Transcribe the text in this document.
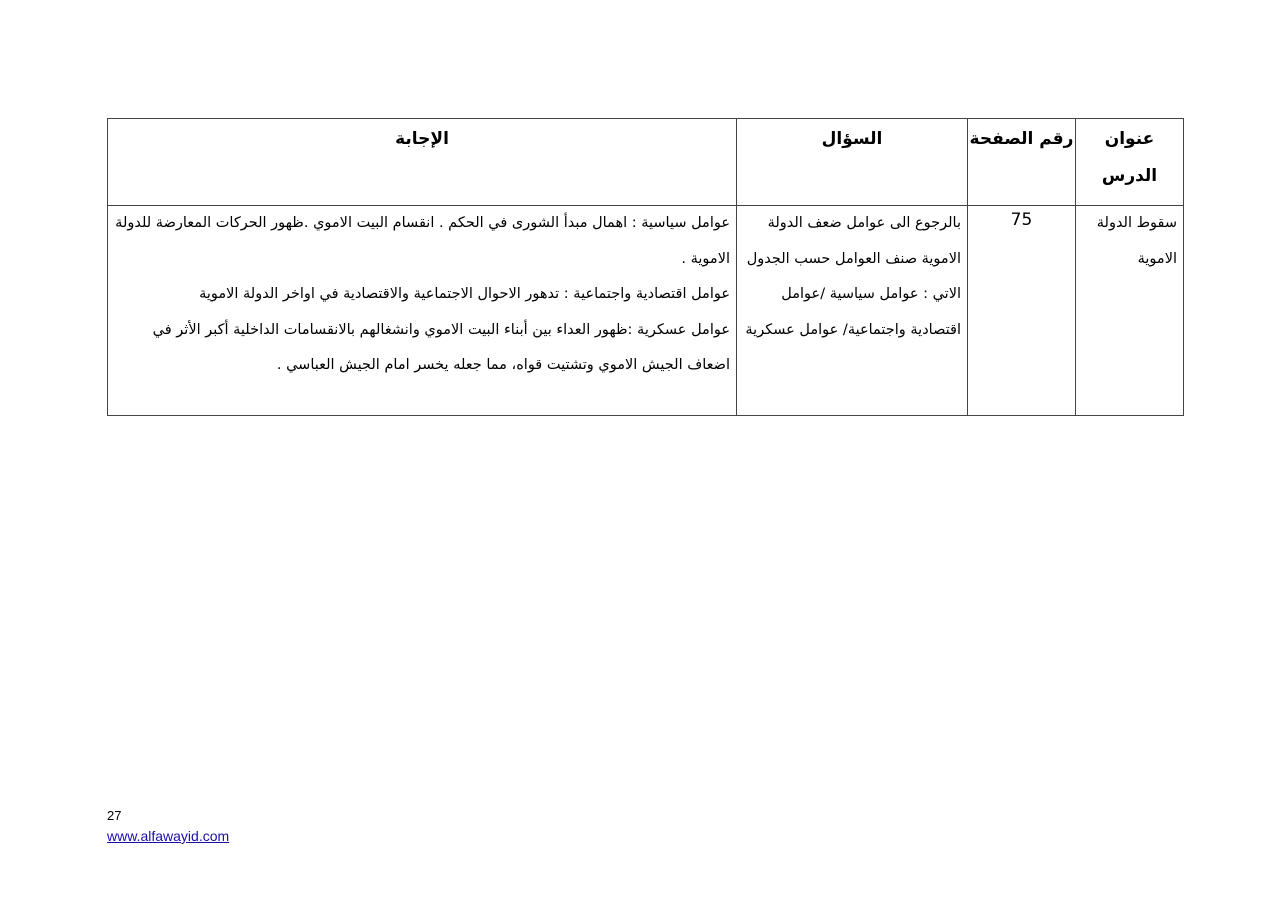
عنوان الدرس	رقم الصفحة	السؤال	الإجابة
سقوط الدولة الاموية	75	بالرجوع الى عوامل ضعف الدولة الاموية صنف العوامل حسب الجدول الاتي : عوامل سياسية /عوامل اقتصادية واجتماعية/ عوامل عسكرية	عوامل سياسية : اهمال مبدأ الشورى في الحكم . انقسام البيت الاموي .ظهور الحركات المعارضة للدولة الاموية .
عوامل اقتصادية واجتماعية : تدهور الاحوال الاجتماعية والاقتصادية في اواخر الدولة الاموية
عوامل عسكرية :ظهور العداء بين أبناء البيت الاموي وانشغالهم بالانقسامات الداخلية أكبر الأثر في اضعاف الجيش الاموي وتشتيت قواه، مما جعله يخسر امام الجيش العباسي .
27
www.alfawayid.com
